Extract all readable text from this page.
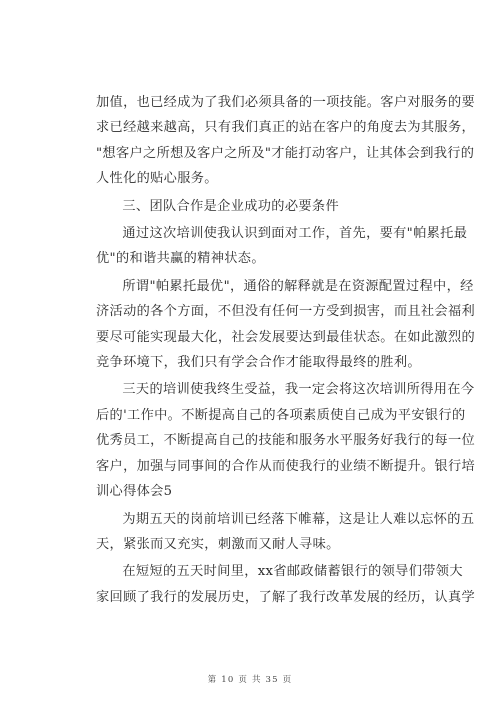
加值，也已经成为了我们必须具备的一项技能。客户对服务的要
求已经越来越高，只有我们真正的站在客户的角度去为其服务，
"想客户之所想及客户之所及"才能打动客户，让其体会到我行的
人性化的贴心服务。

三、团队合作是企业成功的必要条件

通过这次培训使我认识到面对工作，首先，要有"帕累托最
优"的和谐共赢的精神状态。

所谓"帕累托最优"，通俗的解释就是在资源配置过程中，经
济活动的各个方面，不但没有任何一方受到损害，而且社会福利
要尽可能实现最大化，社会发展要达到最佳状态。在如此激烈的
竞争环境下，我们只有学会合作才能取得最终的胜利。

三天的培训使我终生受益，我一定会将这次培训所得用在今
后的'工作中。不断提高自己的各项素质使自己成为平安银行的
优秀员工，不断提高自己的技能和服务水平服务好我行的每一位
客户，加强与同事间的合作从而使我行的业绩不断提升。银行培
训心得体会5

为期五天的岗前培训已经落下帷幕，这是让人难以忘怀的五
天，紧张而又充实，刺激而又耐人寻味。

在短短的五天时间里，xx省邮政储蓄银行的领导们带领大
家回顾了我行的发展历史，了解了我行改革发展的经历，认真学

第 10 页 共 35 页
